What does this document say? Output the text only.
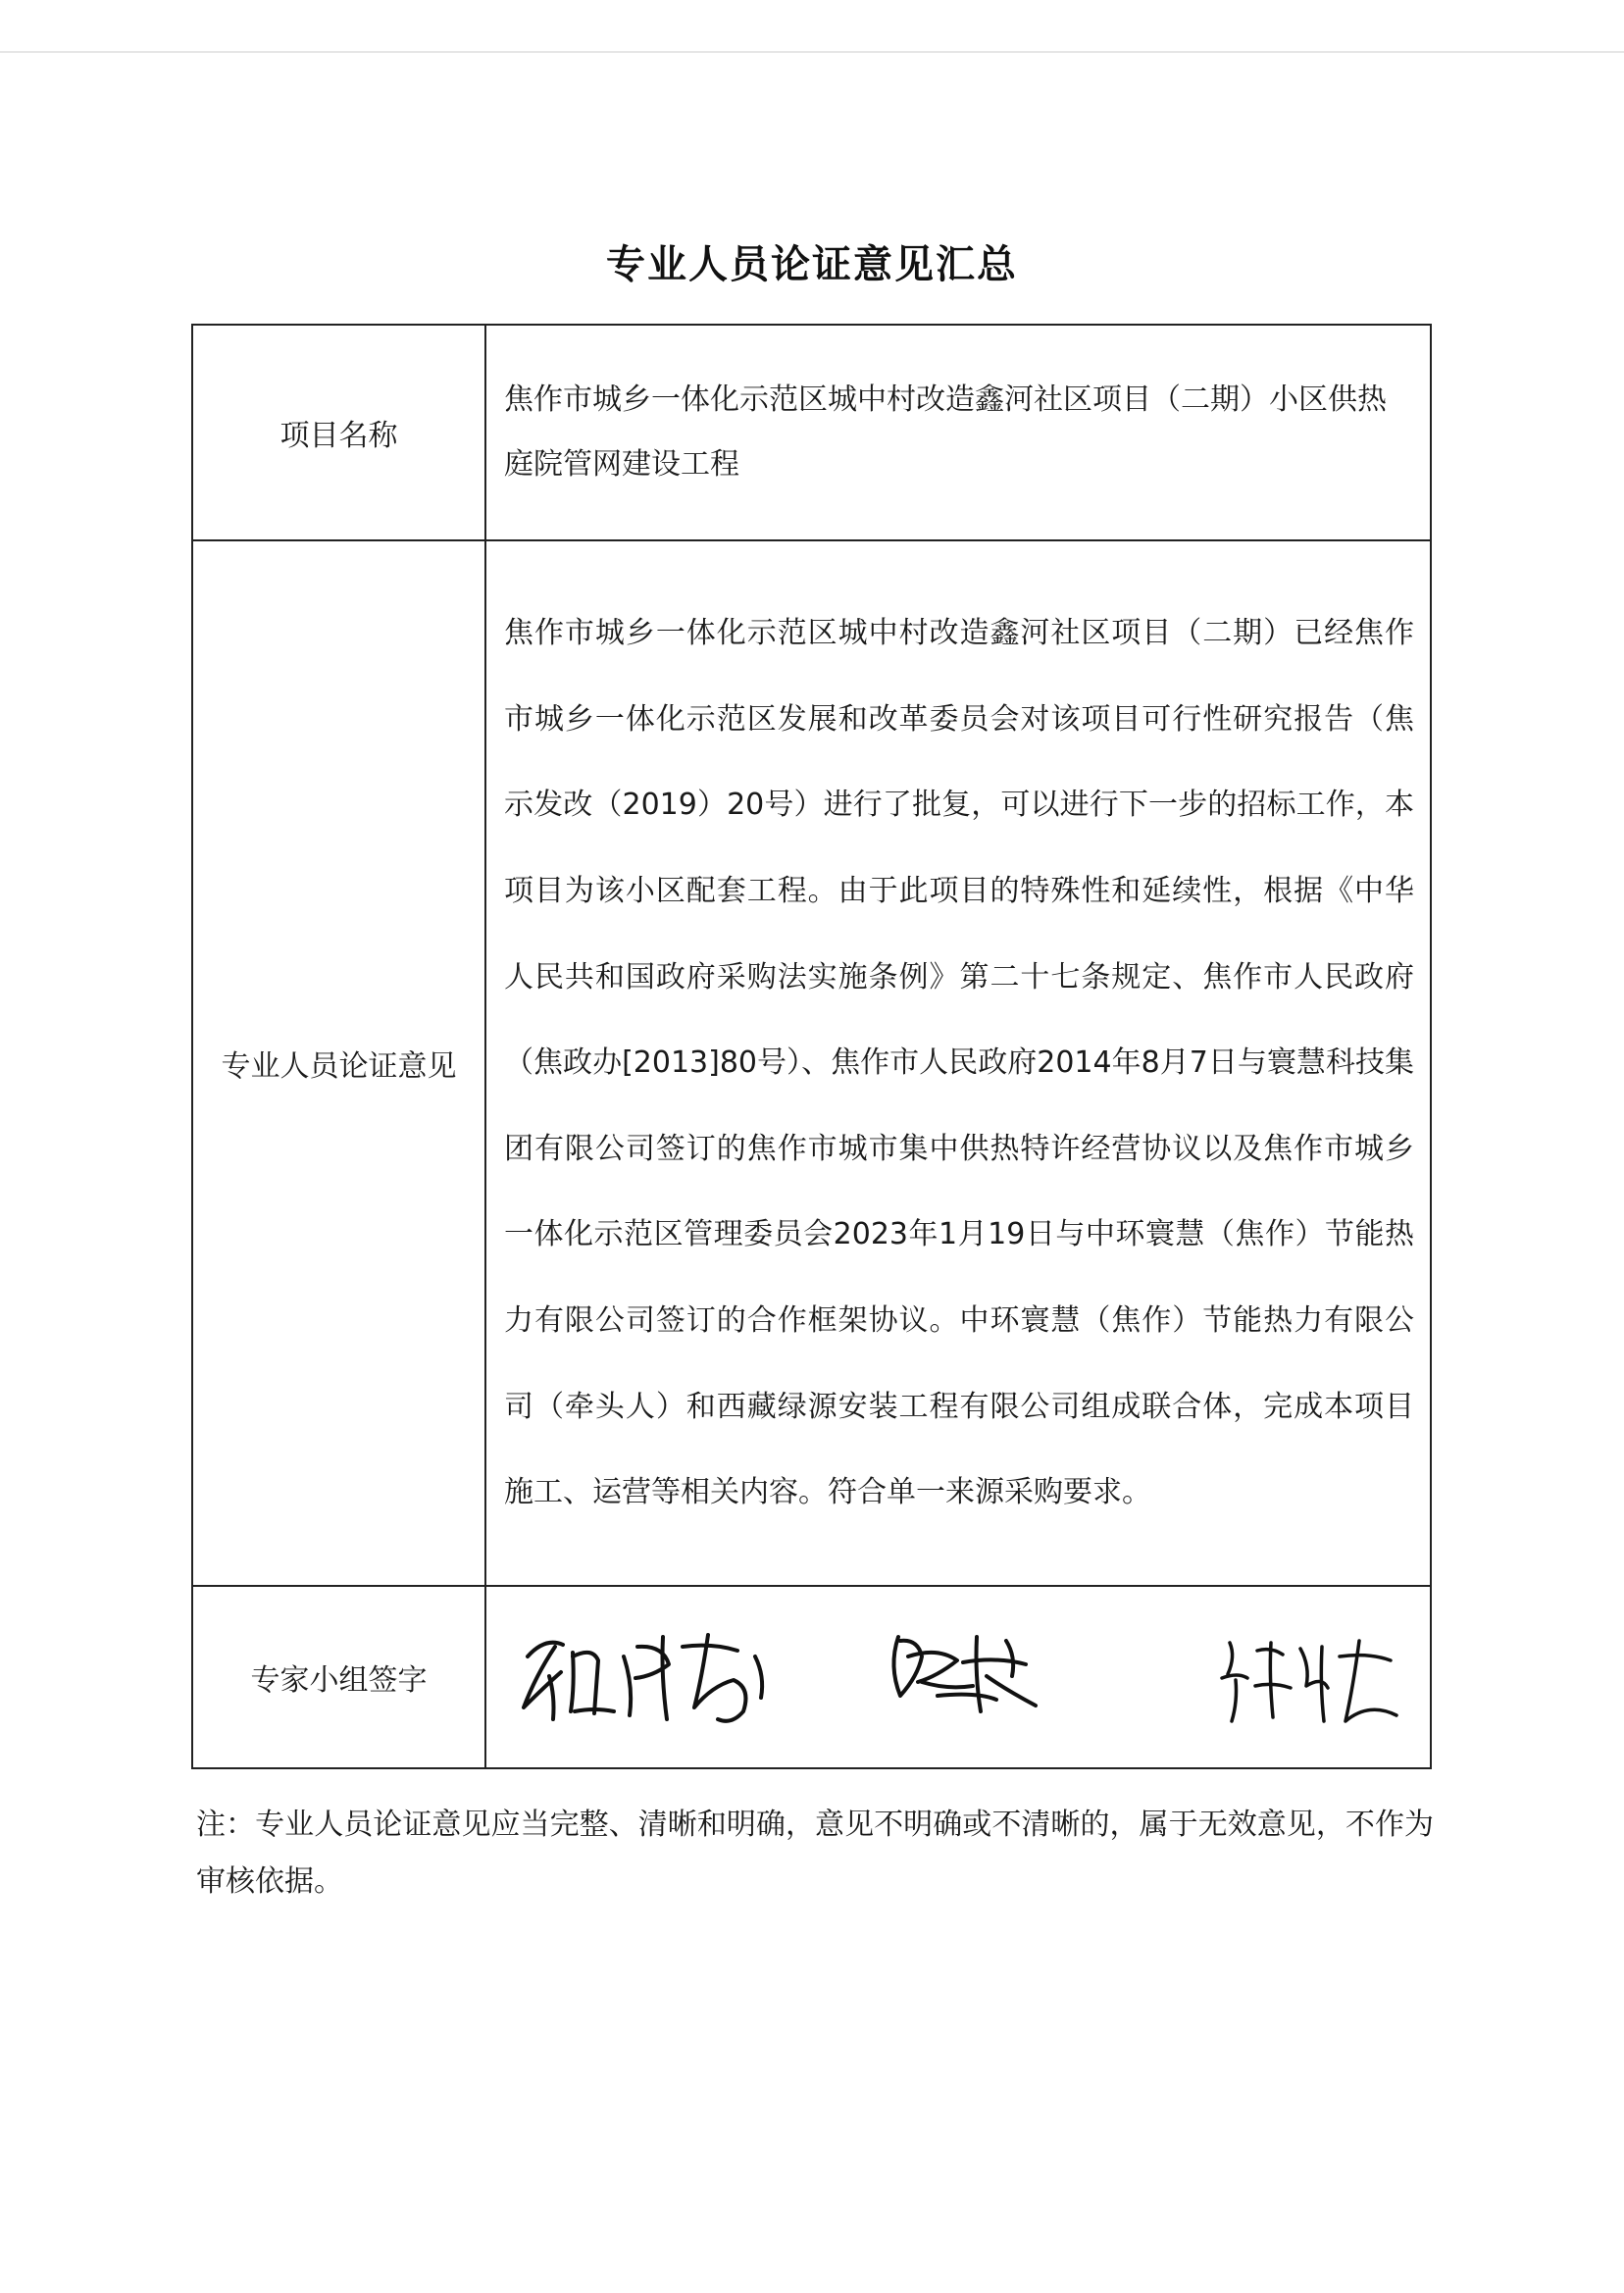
专业人员论证意见汇总
项目名称	焦作市城乡一体化示范区城中村改造鑫河社区项目（二期）小区供热庭院管网建设工程
专业人员论证意见	焦作市城乡一体化示范区城中村改造鑫河社区项目（二期）已经焦作市城乡一体化示范区发展和改革委员会对该项目可行性研究报告（焦示发改（2019）20号）进行了批复，可以进行下一步的招标工作，本项目为该小区配套工程。由于此项目的特殊性和延续性，根据《中华人民共和国政府采购法实施条例》第二十七条规定、焦作市人民政府（焦政办[2013]80号）、焦作市人民政府2014年8月7日与寰慧科技集团有限公司签订的焦作市城市集中供热特许经营协议以及焦作市城乡一体化示范区管理委员会2023年1月19日与中环寰慧（焦作）节能热力有限公司签订的合作框架协议。中环寰慧（焦作）节能热力有限公司（牵头人）和西藏绿源安装工程有限公司组成联合体，完成本项目施工、运营等相关内容。符合单一来源采购要求。
专家小组签字	
注：专业人员论证意见应当完整、清晰和明确，意见不明确或不清晰的，属于无效意见，不作为审核依据。
